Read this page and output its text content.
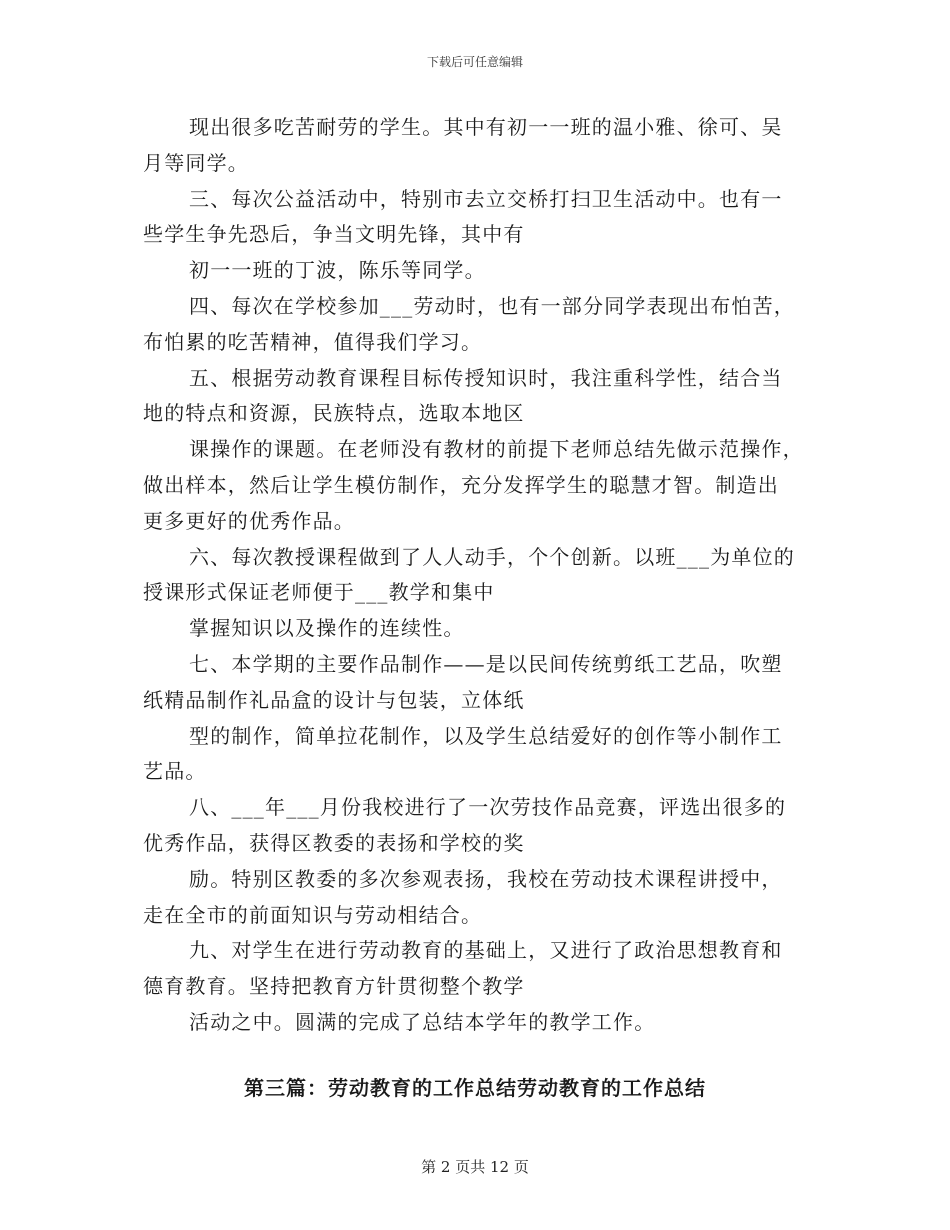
下载后可任意编辑
现出很多吃苦耐劳的学生。其中有初一一班的温小雅、徐可、吴
月等同学。
三、每次公益活动中，特别市去立交桥打扫卫生活动中。也有一
些学生争先恐后，争当文明先锋，其中有
初一一班的丁波，陈乐等同学。
四、每次在学校参加___劳动时，也有一部分同学表现出布怕苦，
布怕累的吃苦精神，值得我们学习。
五、根据劳动教育课程目标传授知识时，我注重科学性，结合当
地的特点和资源，民族特点，选取本地区
课操作的课题。在老师没有教材的前提下老师总结先做示范操作，
做出样本，然后让学生模仿制作，充分发挥学生的聪慧才智。制造出
更多更好的优秀作品。
六、每次教授课程做到了人人动手，个个创新。以班___为单位的
授课形式保证老师便于___教学和集中
掌握知识以及操作的连续性。
七、本学期的主要作品制作——是以民间传统剪纸工艺品，吹塑
纸精品制作礼品盒的设计与包装，立体纸
型的制作，简单拉花制作，以及学生总结爱好的创作等小制作工
艺品。
八、___年___月份我校进行了一次劳技作品竞赛，评选出很多的
优秀作品，获得区教委的表扬和学校的奖
励。特别区教委的多次参观表扬，我校在劳动技术课程讲授中，
走在全市的前面知识与劳动相结合。
九、对学生在进行劳动教育的基础上，又进行了政治思想教育和
德育教育。坚持把教育方针贯彻整个教学
活动之中。圆满的完成了总结本学年的教学工作。
第三篇：劳动教育的工作总结劳动教育的工作总结
第 2 页共 12 页
